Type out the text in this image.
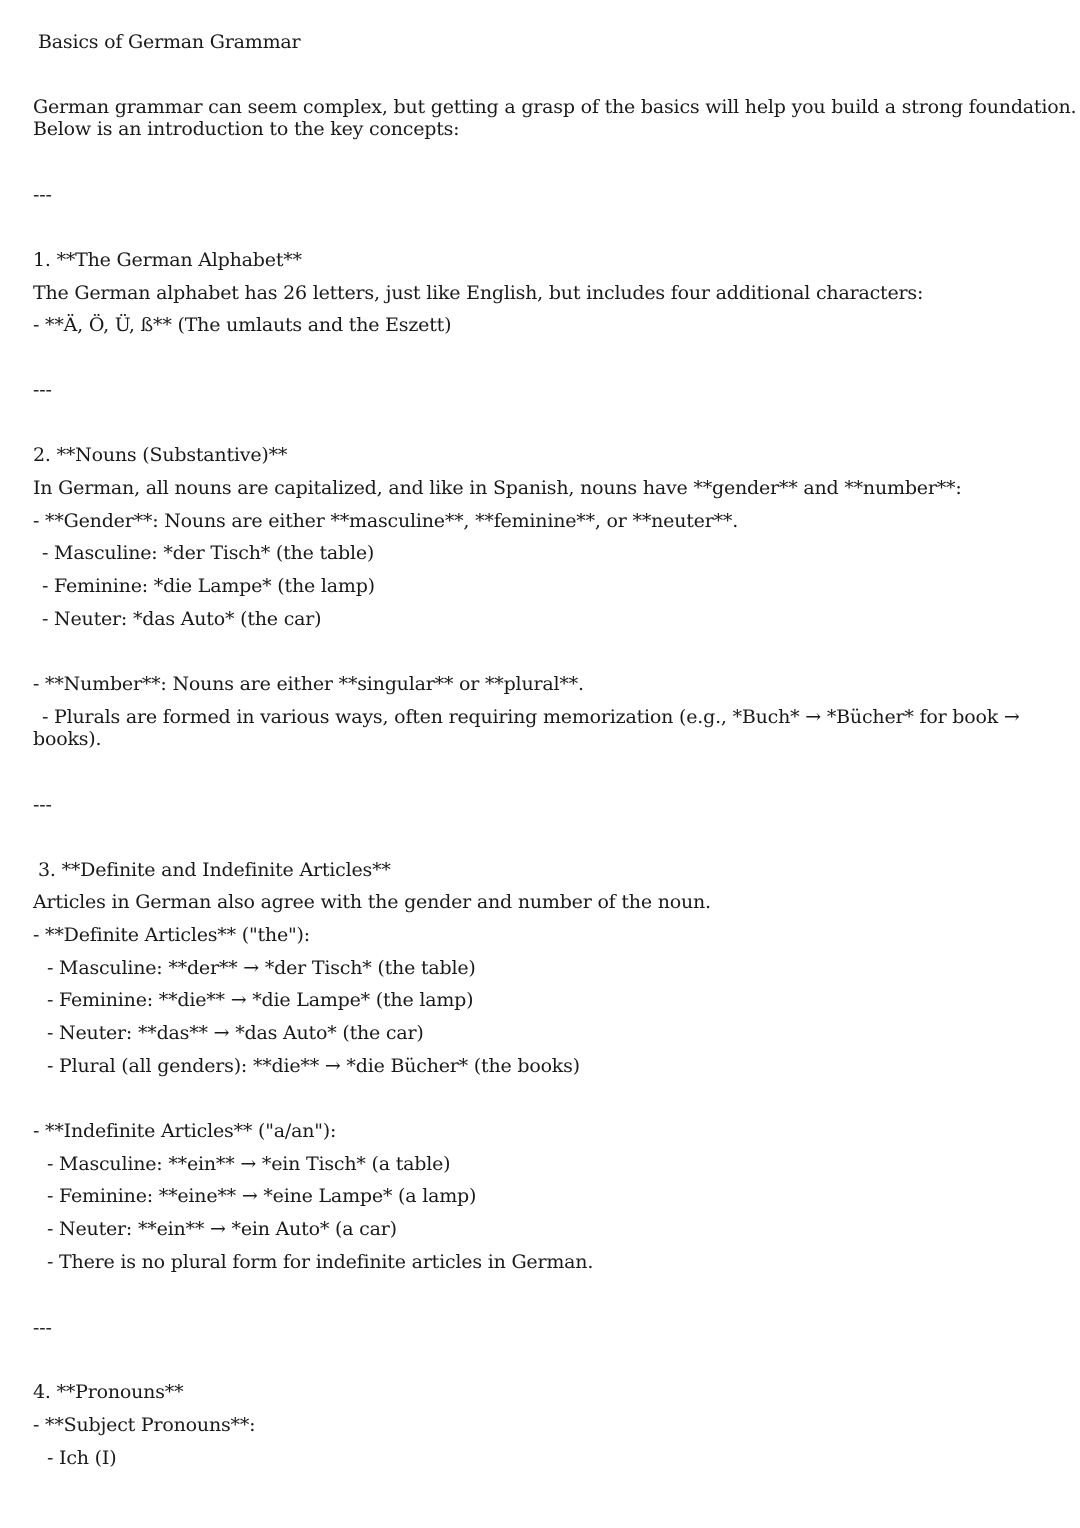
Basics of German Grammar
German grammar can seem complex, but getting a grasp of the basics will help you build a strong foundation.
Below is an introduction to the key concepts:
---
1. **The German Alphabet**
The German alphabet has 26 letters, just like English, but includes four additional characters:
- **Ä, Ö, Ü, ß** (The umlauts and the Eszett)
---
2. **Nouns (Substantive)**
In German, all nouns are capitalized, and like in Spanish, nouns have **gender** and **number**:
- **Gender**: Nouns are either **masculine**, **feminine**, or **neuter**.
- Masculine: *der Tisch* (the table)
- Feminine: *die Lampe* (the lamp)
- Neuter: *das Auto* (the car)
- **Number**: Nouns are either **singular** or **plural**.
- Plurals are formed in various ways, often requiring memorization (e.g., *Buch* → *Bücher* for book →
books).
---
3. **Definite and Indefinite Articles**
Articles in German also agree with the gender and number of the noun.
- **Definite Articles** ("the"):
- Masculine: **der** → *der Tisch* (the table)
- Feminine: **die** → *die Lampe* (the lamp)
- Neuter: **das** → *das Auto* (the car)
- Plural (all genders): **die** → *die Bücher* (the books)
- **Indefinite Articles** ("a/an"):
- Masculine: **ein** → *ein Tisch* (a table)
- Feminine: **eine** → *eine Lampe* (a lamp)
- Neuter: **ein** → *ein Auto* (a car)
- There is no plural form for indefinite articles in German.
---
4. **Pronouns**
- **Subject Pronouns**:
- Ich (I)
